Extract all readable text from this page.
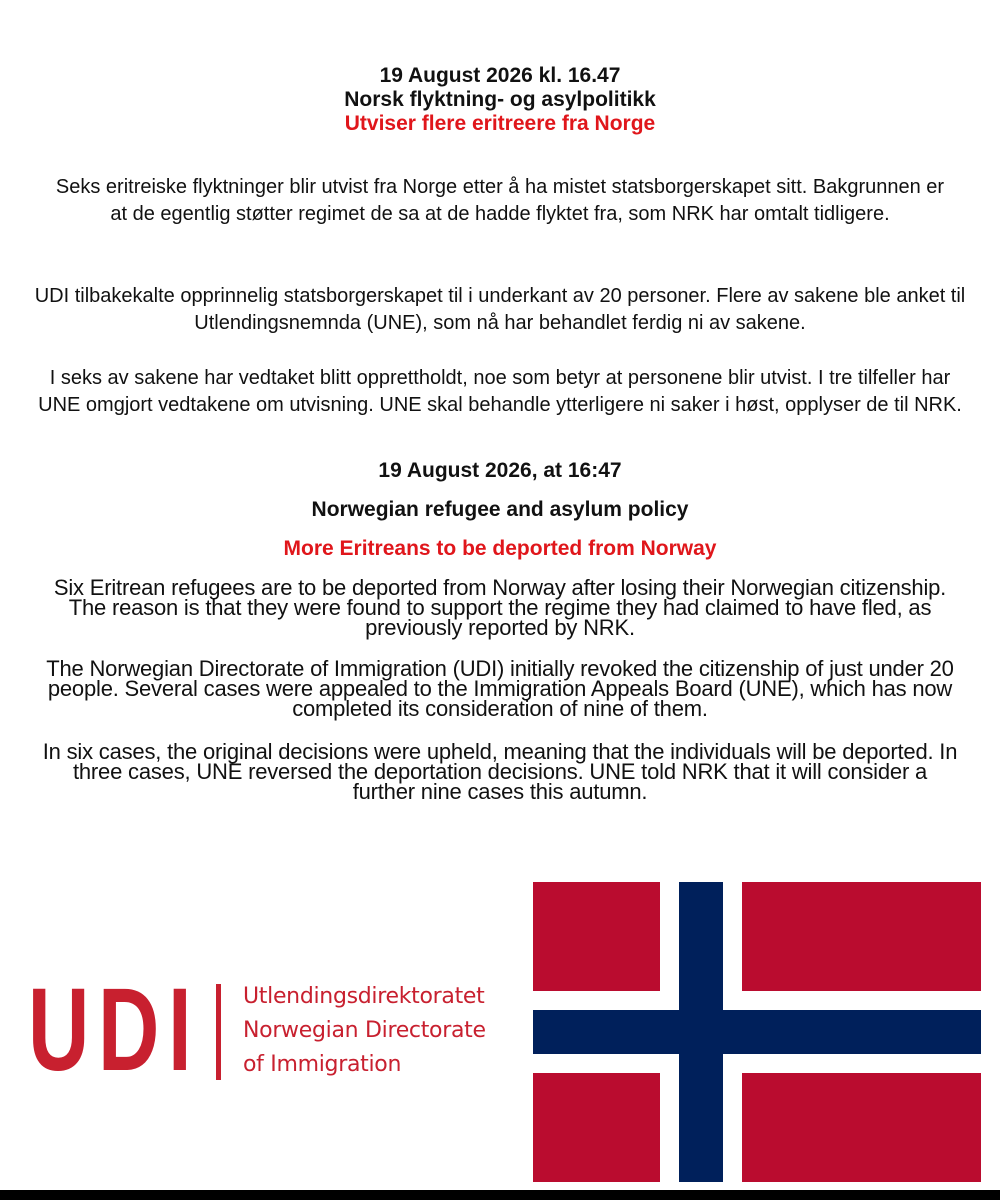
19 August 2026 kl. 16.47

Norsk flyktning- og asylpolitikk

Utviser flere eritreere fra Norge

Seks eritreiske flyktninger blir utvist fra Norge etter å ha mistet statsborgerskapet sitt. Bakgrunnen er at de egentlig støtter regimet de sa at de hadde flyktet fra, som NRK har omtalt tidligere.

UDI tilbakekalte opprinnelig statsborgerskapet til i underkant av 20 personer. Flere av sakene ble anket til Utlendingsnemnda (UNE), som nå har behandlet ferdig ni av sakene.

I seks av sakene har vedtaket blitt opprettholdt, noe som betyr at personene blir utvist. I tre tilfeller har UNE omgjort vedtakene om utvisning. UNE skal behandle ytterligere ni saker i høst, opplyser de til NRK.

19 August 2026, at 16:47

Norwegian refugee and asylum policy

More Eritreans to be deported from Norway

Six Eritrean refugees are to be deported from Norway after losing their Norwegian citizenship. The reason is that they were found to support the regime they had claimed to have fled, as previously reported by NRK.

The Norwegian Directorate of Immigration (UDI) initially revoked the citizenship of just under 20 people. Several cases were appealed to the Immigration Appeals Board (UNE), which has now completed its consideration of nine of them.

In six cases, the original decisions were upheld, meaning that the individuals will be deported. In three cases, UNE reversed the deportation decisions. UNE told NRK that it will consider a further nine cases this autumn.

UDI Utlendingsdirektoratet
Norwegian Directorate
of Immigration
